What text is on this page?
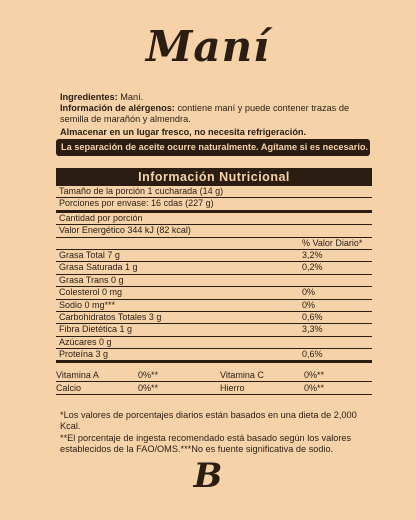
Maní
Ingredientes: Maní.
Información de alérgenos: contiene maní y puede contener trazas de semilla de marañón y almendra.
Almacenar en un lugar fresco, no necesita refrigeración.
La separación de aceite ocurre naturalmente. Agítame si es necesario.
Información Nutricional
Tamaño de la porción 1 cucharada (14 g)
Porciones por envase: 16 cdas (227 g)
Cantidad por porción
Valor Energético 344 kJ (82 kcal)
% Valor Diario*
Grasa Total 7 g	3,2%
Grasa Saturada 1 g	0,2%
Grasa Trans 0 g
Colesterol 0 mg	0%
Sodio 0 mg***	0%
Carbohidratos Totales 3 g	0,6%
Fibra Dietética 1 g	3,3%
Azúcares 0 g
Proteína 3 g	0,6%
Vitamina A	0%**	Vitamina C	0%**
Calcio	0%**	Hierro	0%**
*Los valores de porcentajes diarios están basados en una dieta de 2,000 Kcal.
**El porcentaje de ingesta recomendado está basado según los valores establecidos de la FAO/OMS.***No es fuente significativa de sodio.
B
